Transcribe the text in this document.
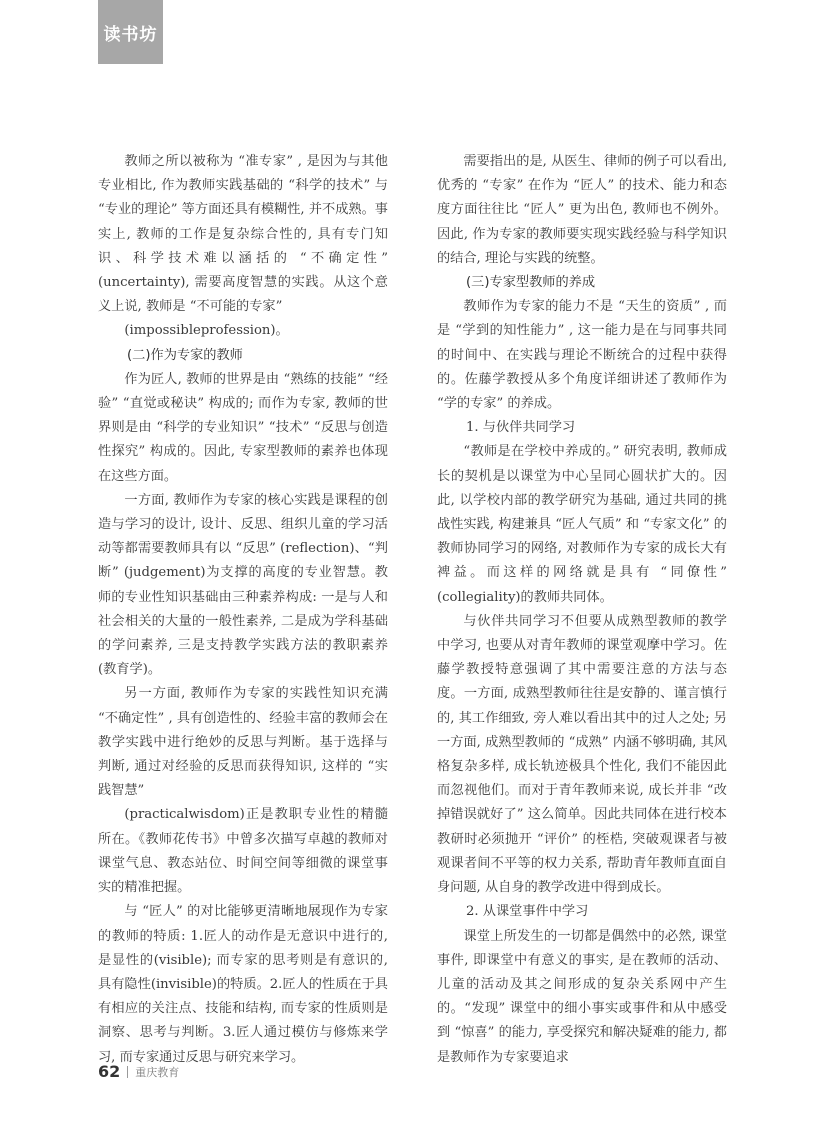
读书坊

教师之所以被称为 “准专家” , 是因为与其他专业相比, 作为教师实践基础的 “科学的技术” 与 “专业的理论” 等方面还具有模糊性, 并不成熟。事实上, 教师的工作是复杂综合性的, 具有专门知识、科学技术难以涵括的 “不确定性” (uncertainty), 需要高度智慧的实践。从这个意义上说, 教师是 “不可能的专家”

(impossibleprofession)。

(二)作为专家的教师

作为匠人, 教师的世界是由 “熟练的技能” “经验” “直觉或秘诀” 构成的; 而作为专家, 教师的世界则是由 “科学的专业知识” “技术” “反思与创造性探究” 构成的。因此, 专家型教师的素养也体现在这些方面。

一方面, 教师作为专家的核心实践是课程的创造与学习的设计, 设计、反思、组织儿童的学习活动等都需要教师具有以 “反思” (reflection)、“判断” (judgement)为支撑的高度的专业智慧。教师的专业性知识基础由三种素养构成: 一是与人和社会相关的大量的一般性素养, 二是成为学科基础的学问素养, 三是支持教学实践方法的教职素养(教育学)。

另一方面, 教师作为专家的实践性知识充满 “不确定性” , 具有创造性的、经验丰富的教师会在教学实践中进行绝妙的反思与判断。基于选择与判断, 通过对经验的反思而获得知识, 这样的 “实践智慧”

(practicalwisdom)正是教职专业性的精髓所在。《教师花传书》中曾多次描写卓越的教师对课堂气息、教态站位、时间空间等细微的课堂事实的精准把握。

与 “匠人” 的对比能够更清晰地展现作为专家的教师的特质: 1.匠人的动作是无意识中进行的, 是显性的(visible); 而专家的思考则是有意识的, 具有隐性(invisible)的特质。2.匠人的性质在于具有相应的关注点、技能和结构, 而专家的性质则是洞察、思考与判断。3.匠人通过模仿与修炼来学习, 而专家通过反思与研究来学习。

需要指出的是, 从医生、律师的例子可以看出, 优秀的 “专家” 在作为 “匠人” 的技术、能力和态度方面往往比 “匠人” 更为出色, 教师也不例外。因此, 作为专家的教师要实现实践经验与科学知识的结合, 理论与实践的统整。

(三)专家型教师的养成

教师作为专家的能力不是 “天生的资质” , 而是 “学到的知性能力” , 这一能力是在与同事共同的时间中、在实践与理论不断统合的过程中获得的。佐藤学教授从多个角度详细讲述了教师作为 “学的专家” 的养成。

1. 与伙伴共同学习

“教师是在学校中养成的。” 研究表明, 教师成长的契机是以课堂为中心呈同心圆状扩大的。因此, 以学校内部的教学研究为基础, 通过共同的挑战性实践, 构建兼具 “匠人气质” 和 “专家文化” 的教师协同学习的网络, 对教师作为专家的成长大有裨益。而这样的网络就是具有 “同僚性” (collegiality)的教师共同体。

与伙伴共同学习不但要从成熟型教师的教学中学习, 也要从对青年教师的课堂观摩中学习。佐藤学教授特意强调了其中需要注意的方法与态度。一方面, 成熟型教师往往是安静的、谨言慎行的, 其工作细致, 旁人难以看出其中的过人之处; 另一方面, 成熟型教师的 “成熟” 内涵不够明确, 其风格复杂多样, 成长轨迹极具个性化, 我们不能因此而忽视他们。而对于青年教师来说, 成长并非 “改掉错误就好了” 这么简单。因此共同体在进行校本教研时必须抛开 “评价” 的桎梏, 突破观课者与被观课者间不平等的权力关系, 帮助青年教师直面自身问题, 从自身的教学改进中得到成长。

2. 从课堂事件中学习

课堂上所发生的一切都是偶然中的必然, 课堂事件, 即课堂中有意义的事实, 是在教师的活动、儿童的活动及其之间形成的复杂关系网中产生的。“发现” 课堂中的细小事实或事件和从中感受到 “惊喜” 的能力, 享受探究和解决疑难的能力, 都是教师作为专家要追求

62 重庆教育
